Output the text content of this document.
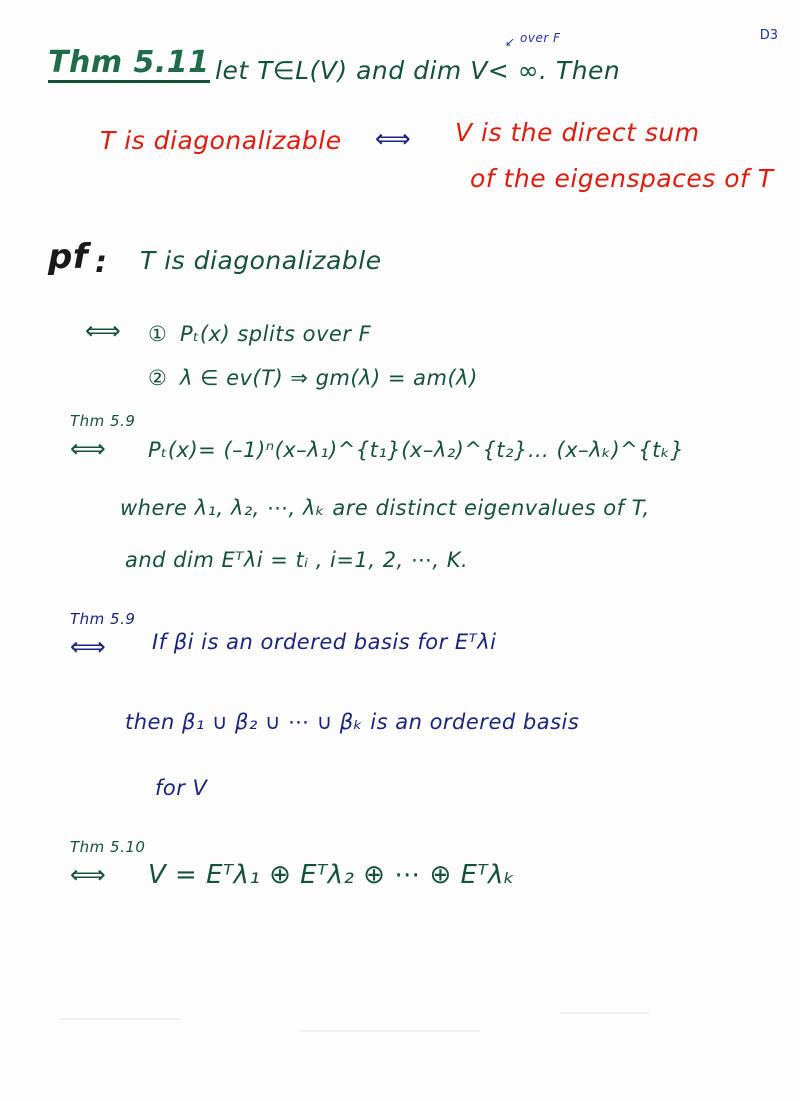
D3
Thm 5.11 let T∈L(V) and dim V< ∞. Then
over F
↙
T is diagonalizable ⟺ V is the direct sum
of the eigenspaces of T
pf : T is diagonalizable
⟺ ① Pₜ(x) splits over F
② λ ∈ ev(T) ⇒ gm(λ) = am(λ)
Thm 5.9
⟺ Pₜ(x)= (–1)ⁿ(x–λ₁)^{t₁}(x–λ₂)^{t₂}… (x–λₖ)^{tₖ}
where λ₁, λ₂, ⋯, λₖ are distinct eigenvalues of T,
and dim Eᵀλi = tᵢ , i=1, 2, ⋯, K.
Thm 5.9
⟺ If βi is an ordered basis for Eᵀλi
then β₁ ∪ β₂ ∪ ⋯ ∪ βₖ is an ordered basis
for V
Thm 5.10
⟺ V = Eᵀλ₁ ⊕ Eᵀλ₂ ⊕ ⋯ ⊕ Eᵀλₖ
